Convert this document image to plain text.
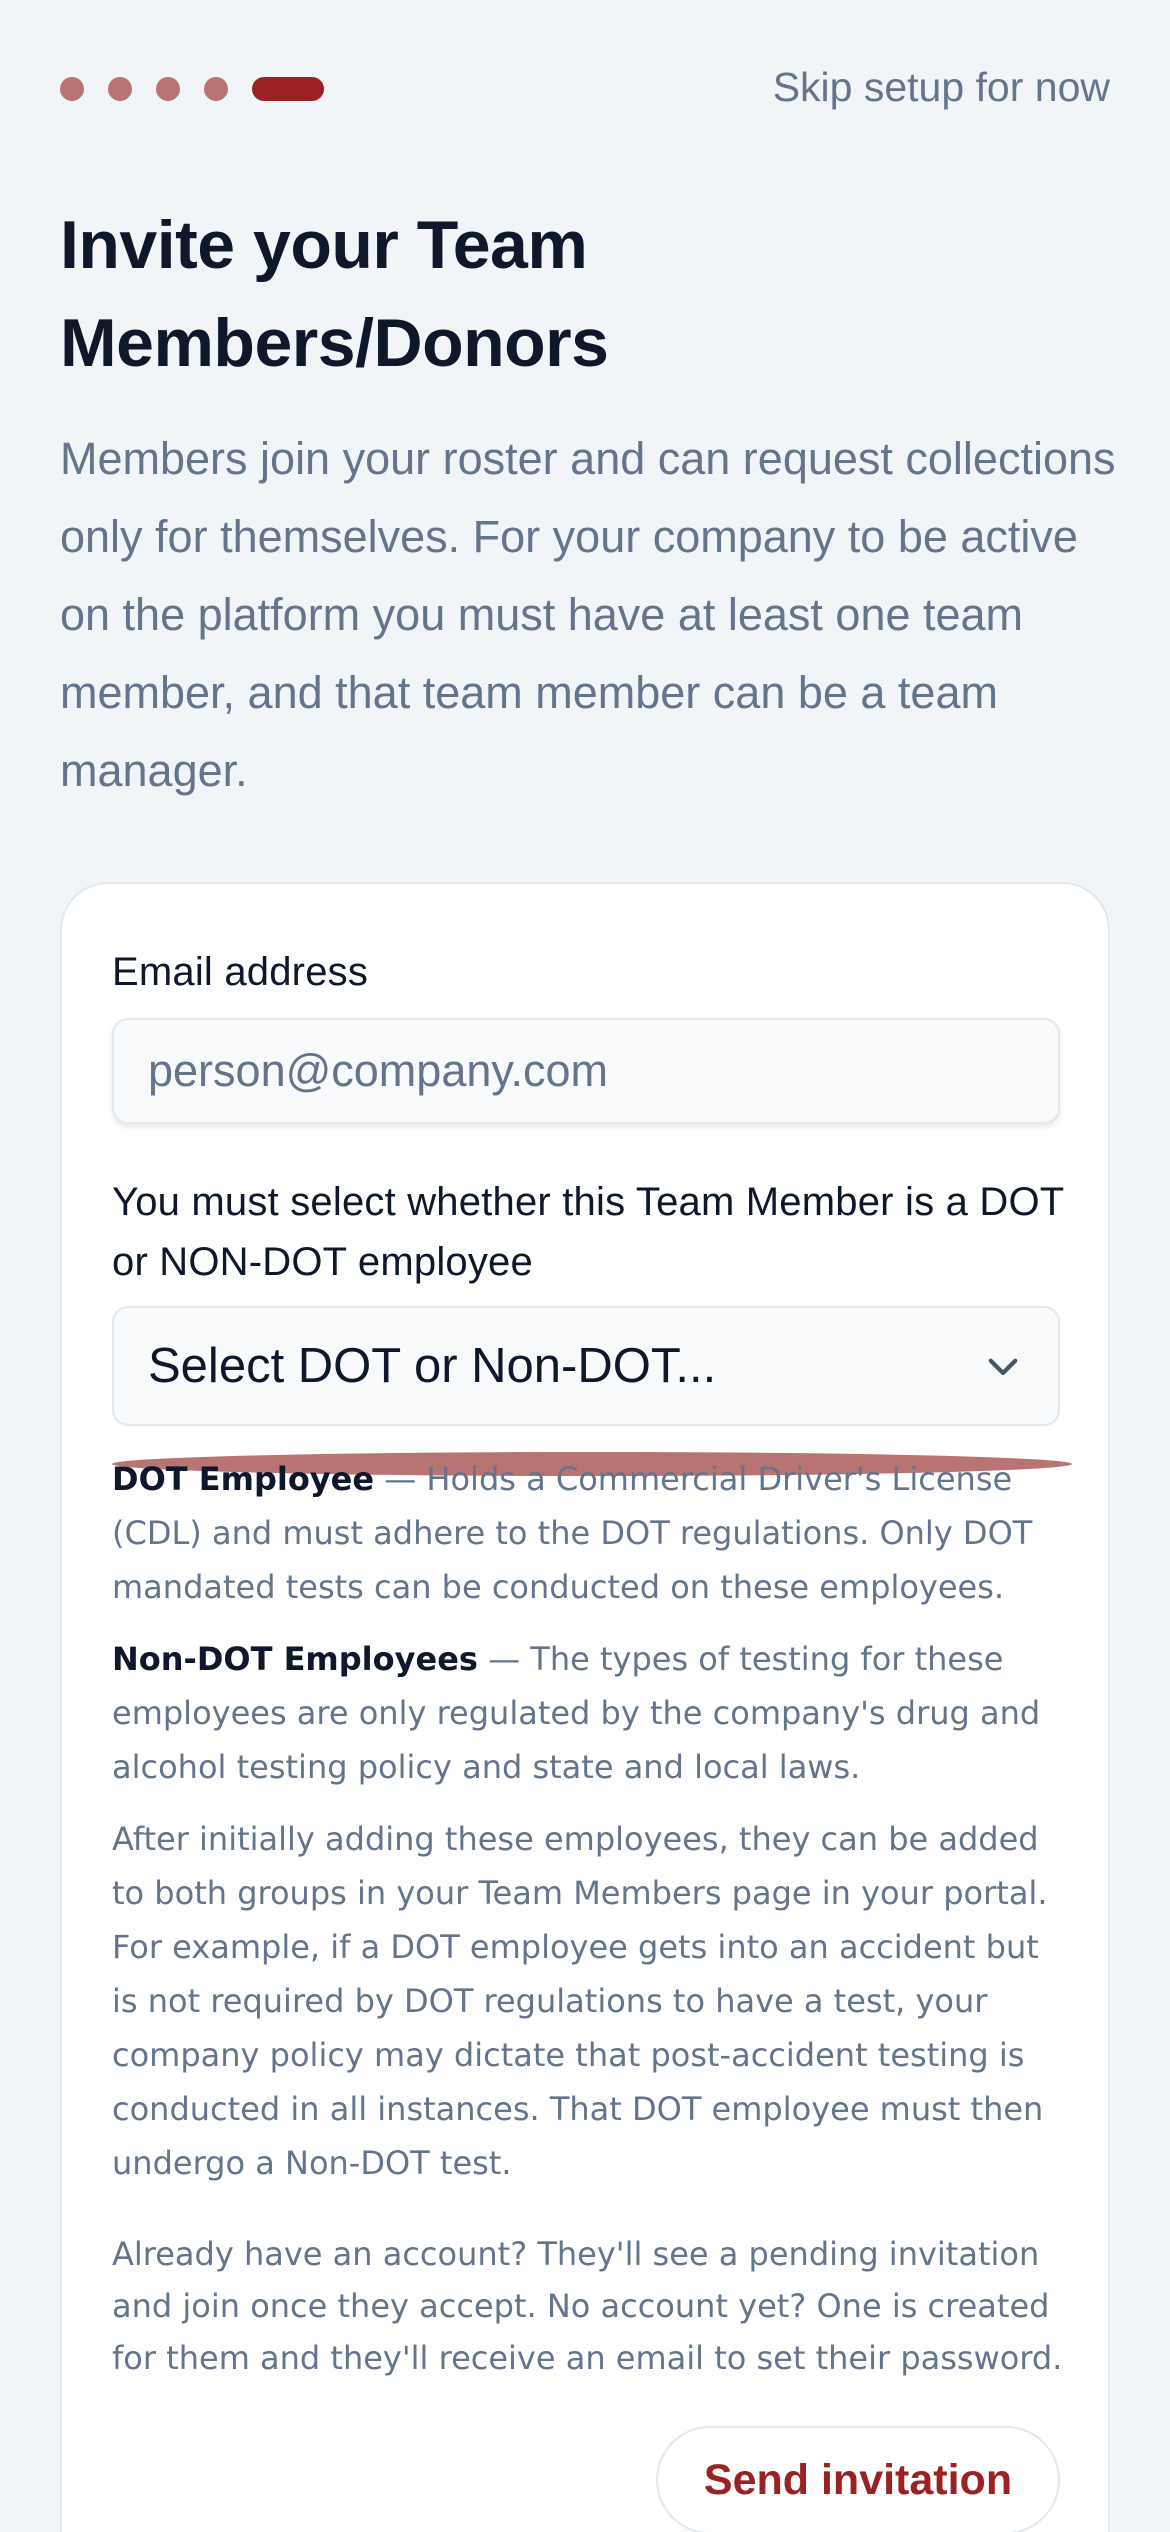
Skip setup for now
Invite your Team Members/Donors

Members join your roster and can request collections only for themselves. For your company to be active on the platform you must have at least one team member, and that team member can be a team manager.

Email address
person@company.com
You must select whether this Team Member is a DOT or NON-DOT employee
Select DOT or Non-DOT...

DOT Employee — Holds a Commercial Driver's License (CDL) and must adhere to the DOT regulations. Only DOT mandated tests can be conducted on these employees.

Non-DOT Employees — The types of testing for these employees are only regulated by the company's drug and alcohol testing policy and state and local laws.

After initially adding these employees, they can be added to both groups in your Team Members page in your portal. For example, if a DOT employee gets into an accident but is not required by DOT regulations to have a test, your company policy may dictate that post-accident testing is conducted in all instances. That DOT employee must then undergo a Non-DOT test.

Already have an account? They'll see a pending invitation and join once they accept. No account yet? One is created for them and they'll receive an email to set their password.

Send invitation
